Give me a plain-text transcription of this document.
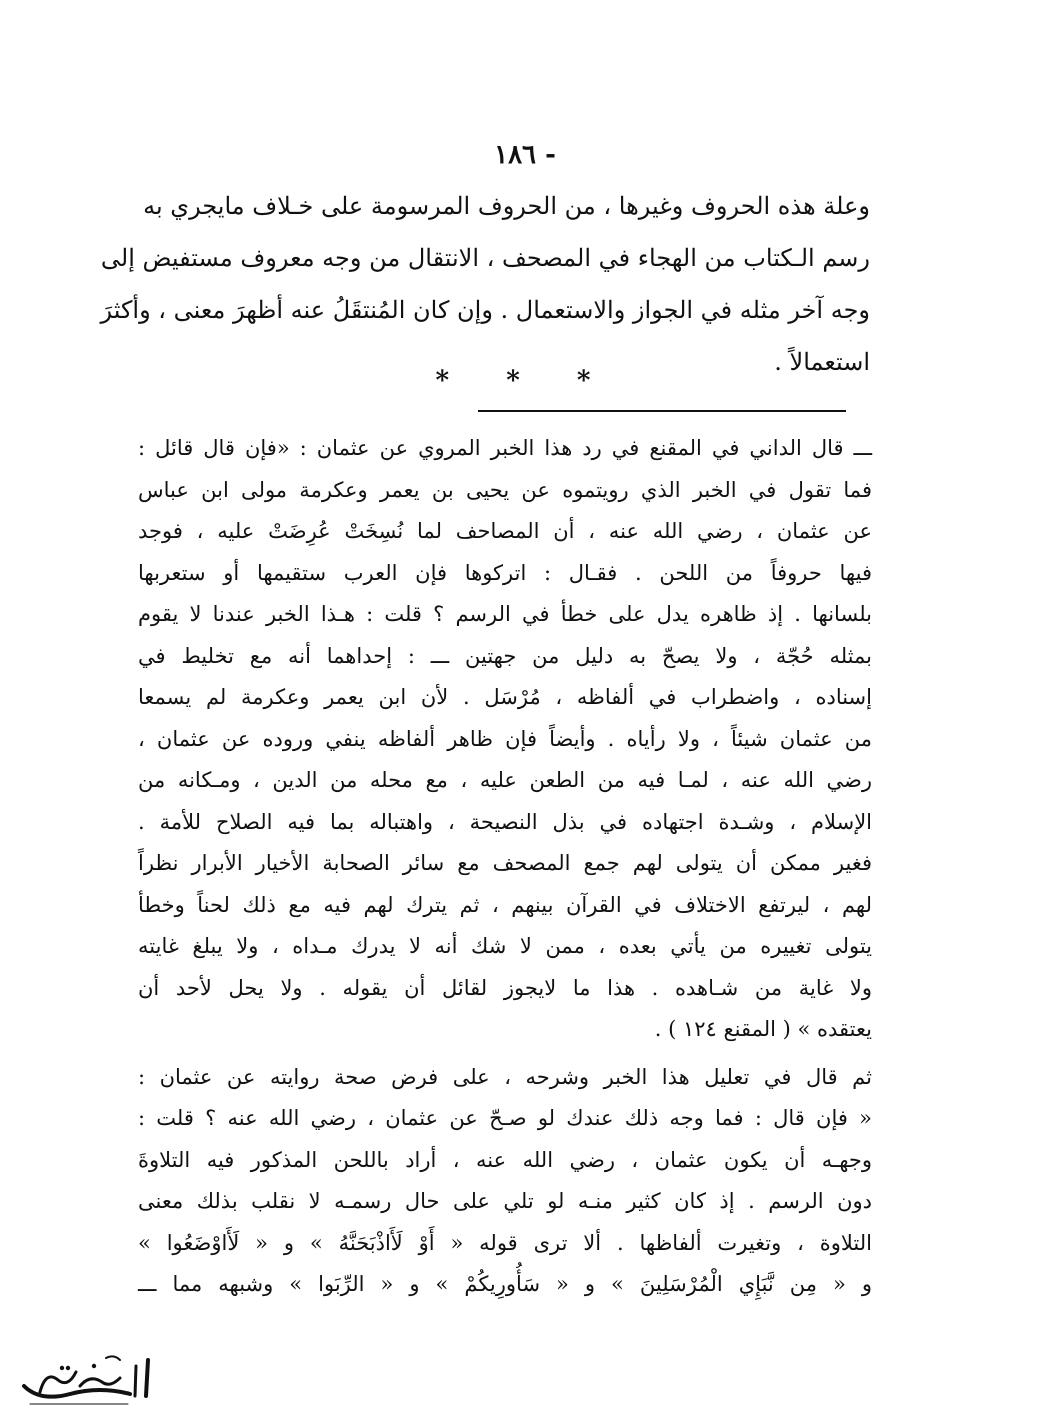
- ١٨٦
وعلة هذه الحروف وغيرها ، من الحروف المرسومة على خـلاف مايجري به
رسم الـكتاب من الهجاء في المصحف ، الانتقال من وجه معروف مستفيض إلى
وجه آخر مثله في الجواز والاستعمال . وإن كان المُنتقَلُ عنه أظهرَ معنى ، وأكثرَ
استعمالاً .
* * *
ـــ قال الداني في المقنع في رد هذا الخبر المروي عن عثمان : «فإن قال قائل :
فما تقول في الخبر الذي رويتموه عن يحيى بن يعمر وعكرمة مولى ابن عباس
عن عثمان ، رضي الله عنه ، أن المصاحف لما نُسِخَتْ عُرِضَتْ عليه ، فوجد
فيها حروفاً من اللحن . فقـال : اتركوها فإن العرب ستقيمها أو ستعربها
بلسانها . إذ ظاهره يدل على خطأ في الرسم ؟ قلت : هـذا الخبر عندنا لا يقوم
بمثله حُجّة ، ولا يصحّ به دليل من جهتين ـــ : إحداهما أنه مع تخليط في
إسناده ، واضطراب في ألفاظه ، مُرْسَل . لأن ابن يعمر وعكرمة لم يسمعا
من عثمان شيئاً ، ولا رأياه . وأيضاً فإن ظاهر ألفاظه ينفي وروده عن عثمان ،
رضي الله عنه ، لمـا فيه من الطعن عليه ، مع محله من الدين ، ومـكانه من
الإسلام ، وشـدة اجتهاده في بذل النصيحة ، واهتباله بما فيه الصلاح للأمة .
فغير ممكن أن يتولى لهم جمع المصحف مع سائر الصحابة الأخيار الأبرار نظراً
لهم ، ليرتفع الاختلاف في القرآن بينهم ، ثم يترك لهم فيه مع ذلك لحناً وخطأ
يتولى تغييره من يأتي بعده ، ممن لا شك أنه لا يدرك مـداه ، ولا يبلغ غايته
ولا غاية من شـاهده . هذا ما لايجوز لقائل أن يقوله . ولا يحل لأحد أن
يعتقده » ( المقنع ١٢٤ ) .
ثم قال في تعليل هذا الخبر وشرحه ، على فرض صحة روايته عن عثمان :
« فإن قال : فما وجه ذلك عندك لو صـحّ عن عثمان ، رضي الله عنه ؟ قلت :
وجهـه أن يكون عثمان ، رضي الله عنه ، أراد باللحن المذكور فيه التلاوةَ
دون الرسم . إذ كان كثير منـه لو تلي على حال رسمـه لا نقلب بذلك معنى
التلاوة ، وتغيرت ألفاظها . ألا ترى قوله « أَوْ لَأَاذْبَحَنَّهُ » و « لَأَاوْضَعُوا »
و « مِن نَّبَإِي الْمُرْسَلِينَ » و « سَأُورِيكُمْ » و « الرِّبَوا » وشبهه مما ـــ
